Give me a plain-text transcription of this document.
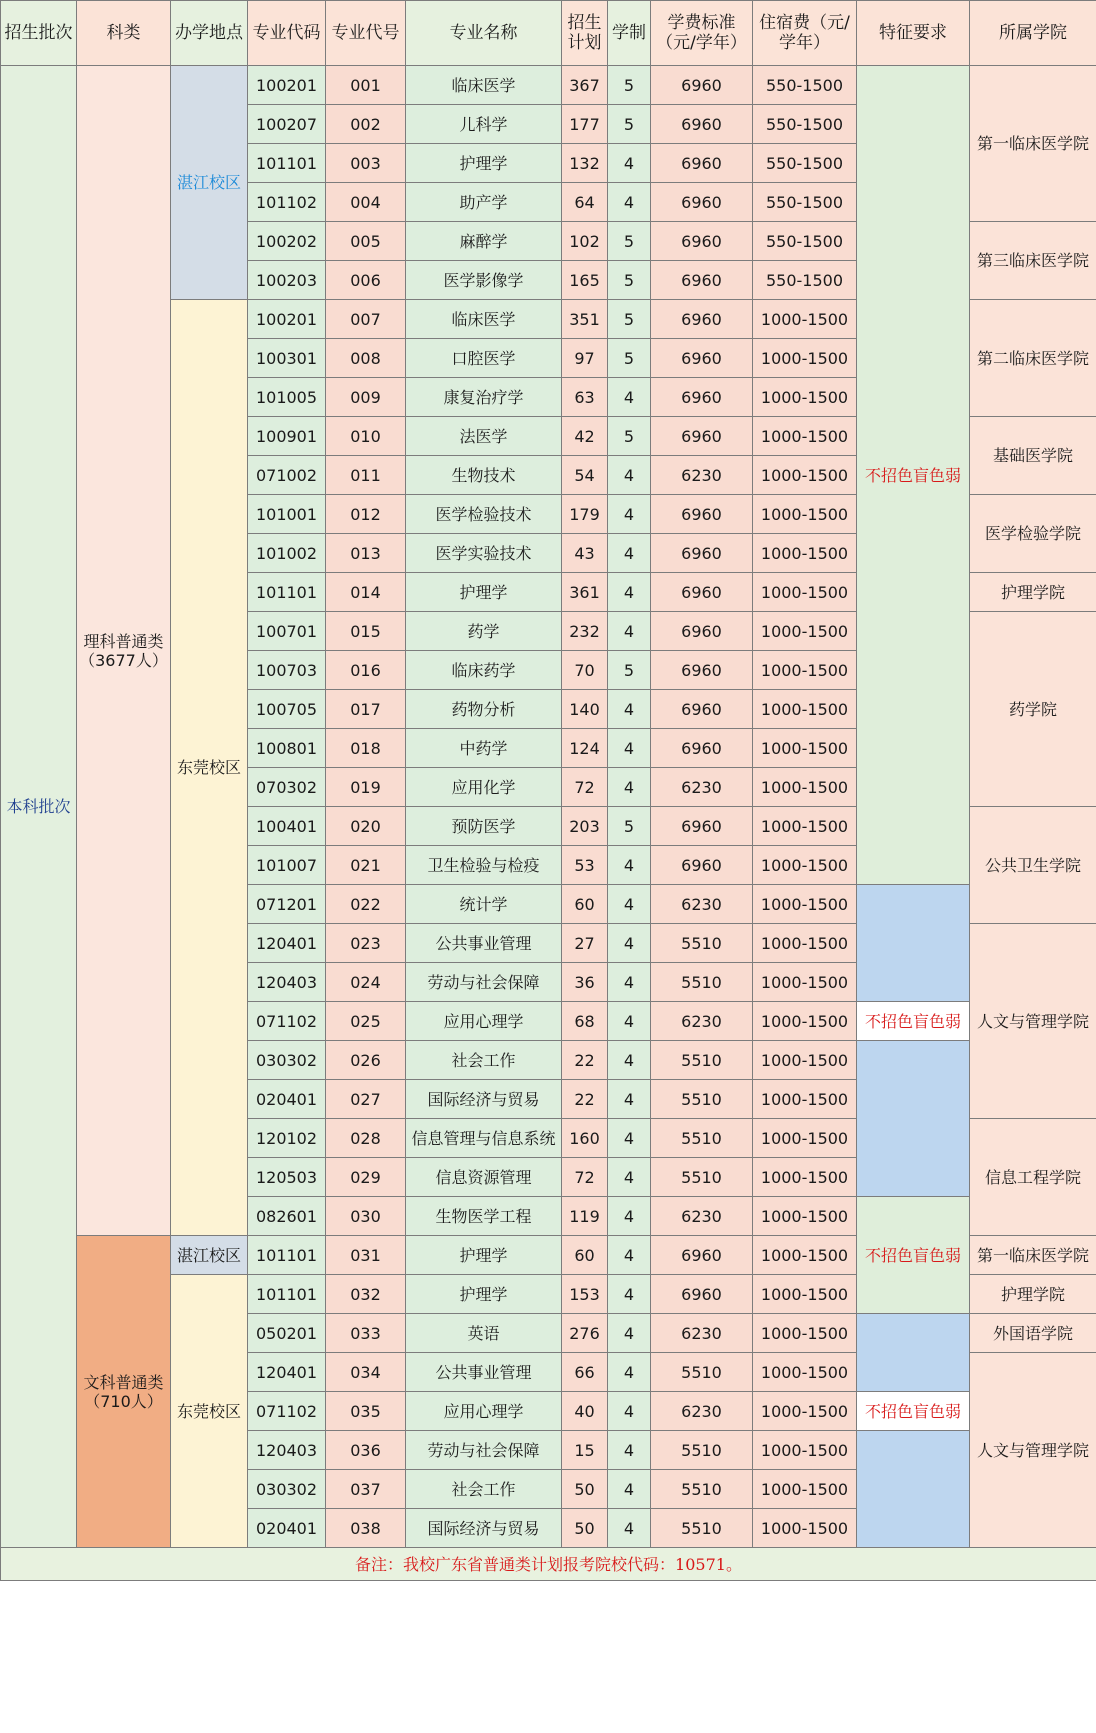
招生批次	科类	办学地点	专业代码	专业代号	专业名称	招生计划	学制	学费标准（元/学年）	住宿费（元/学年）	特征要求	所属学院
本科批次	理科普通类（3677人）	湛江校区	100201	001	临床医学	367	5	6960	550-1500	不招色盲色弱	第一临床医学院
			100207	002	儿科学	177	5	6960	550-1500		
			101101	003	护理学	132	4	6960	550-1500		
			101102	004	助产学	64	4	6960	550-1500		
			100202	005	麻醉学	102	5	6960	550-1500		第三临床医学院
			100203	006	医学影像学	165	5	6960	550-1500		
		东莞校区	100201	007	临床医学	351	5	6960	1000-1500		第二临床医学院
			100301	008	口腔医学	97	5	6960	1000-1500		
			101005	009	康复治疗学	63	4	6960	1000-1500		
			100901	010	法医学	42	5	6960	1000-1500		基础医学院
			071002	011	生物技术	54	4	6230	1000-1500		
			101001	012	医学检验技术	179	4	6960	1000-1500		医学检验学院
			101002	013	医学实验技术	43	4	6960	1000-1500		
			101101	014	护理学	361	4	6960	1000-1500		护理学院
			100701	015	药学	232	4	6960	1000-1500		药学院
			100703	016	临床药学	70	5	6960	1000-1500		
			100705	017	药物分析	140	4	6960	1000-1500		
			100801	018	中药学	124	4	6960	1000-1500		
			070302	019	应用化学	72	4	6230	1000-1500		
			100401	020	预防医学	203	5	6960	1000-1500		公共卫生学院
			101007	021	卫生检验与检疫	53	4	6960	1000-1500		
			071201	022	统计学	60	4	6230	1000-1500		
			120401	023	公共事业管理	27	4	5510	1000-1500		人文与管理学院
			120403	024	劳动与社会保障	36	4	5510	1000-1500		
			071102	025	应用心理学	68	4	6230	1000-1500	不招色盲色弱	
			030302	026	社会工作	22	4	5510	1000-1500		
			020401	027	国际经济与贸易	22	4	5510	1000-1500		
			120102	028	信息管理与信息系统	160	4	5510	1000-1500		信息工程学院
			120503	029	信息资源管理	72	4	5510	1000-1500		
			082601	030	生物医学工程	119	4	6230	1000-1500	不招色盲色弱	
	文科普通类（710人）	湛江校区	101101	031	护理学	60	4	6960	1000-1500		第一临床医学院
		东莞校区	101101	032	护理学	153	4	6960	1000-1500		护理学院
			050201	033	英语	276	4	6230	1000-1500		外国语学院
			120401	034	公共事业管理	66	4	5510	1000-1500		人文与管理学院
			071102	035	应用心理学	40	4	6230	1000-1500	不招色盲色弱	
			120403	036	劳动与社会保障	15	4	5510	1000-1500		
			030302	037	社会工作	50	4	5510	1000-1500		
			020401	038	国际经济与贸易	50	4	5510	1000-1500		
备注：我校广东省普通类计划报考院校代码：10571。											
